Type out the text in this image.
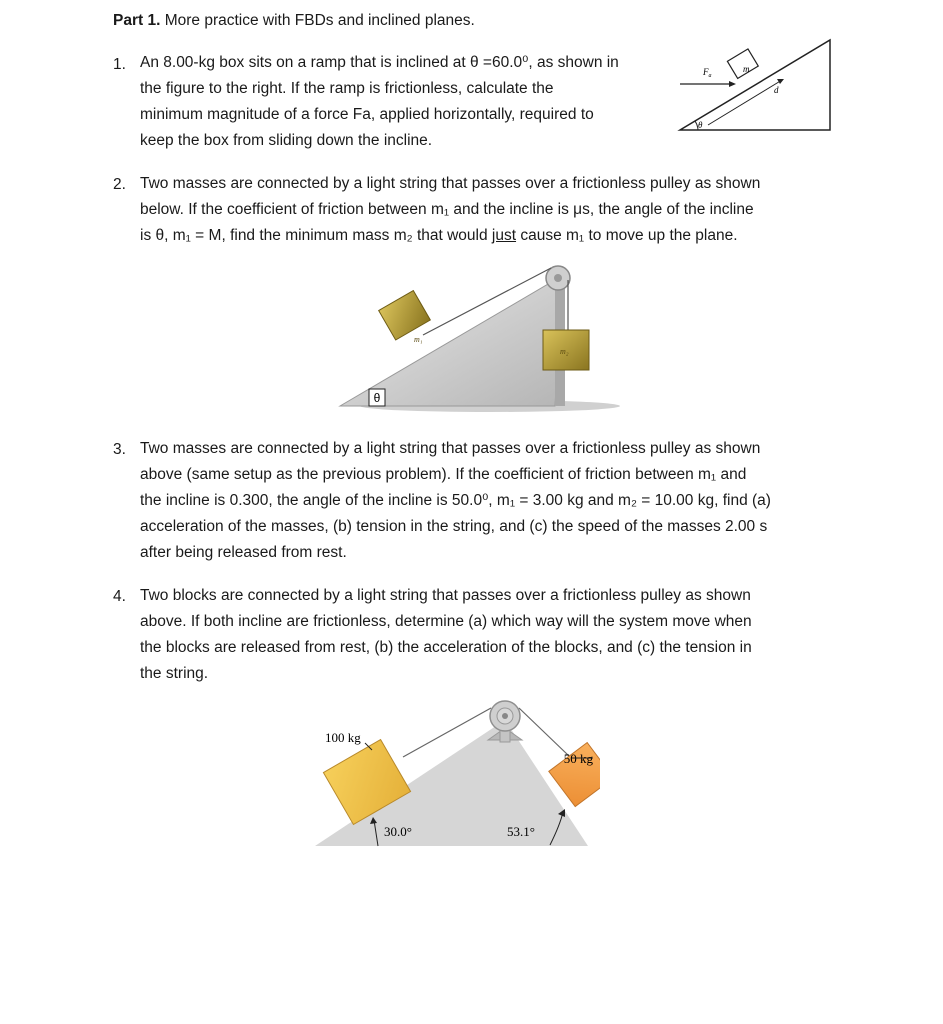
Part 1. More practice with FBDs and inclined planes.
1. An 8.00-kg box sits on a ramp that is inclined at θ =60.0⁰, as shown in
the figure to the right. If the ramp is frictionless, calculate the
minimum magnitude of a force Fa, applied horizontally, required to
keep the box from sliding down the incline.
m
$F_a$
d
θ
2. Two masses are connected by a light string that passes over a frictionless pulley as shown
below. If the coefficient of friction between m₁ and the incline is μs, the angle of the incline
is θ, m₁ = M, find the minimum mass m₂ that would just cause m₁ to move up the plane.
m₁
m₂
θ
3. Two masses are connected by a light string that passes over a frictionless pulley as shown
above (same setup as the previous problem). If the coefficient of friction between m₁ and
the incline is 0.300, the angle of the incline is 50.0⁰, m₁ = 3.00 kg and m₂ = 10.00 kg, find (a)
acceleration of the masses, (b) tension in the string, and (c) the speed of the masses 2.00 s
after being released from rest.
4. Two blocks are connected by a light string that passes over a frictionless pulley as shown
above. If both incline are frictionless, determine (a) which way will the system move when
the blocks are released from rest, (b) the acceleration of the blocks, and (c) the tension in
the string.
100 kg
50 kg
30.0°	53.1°
